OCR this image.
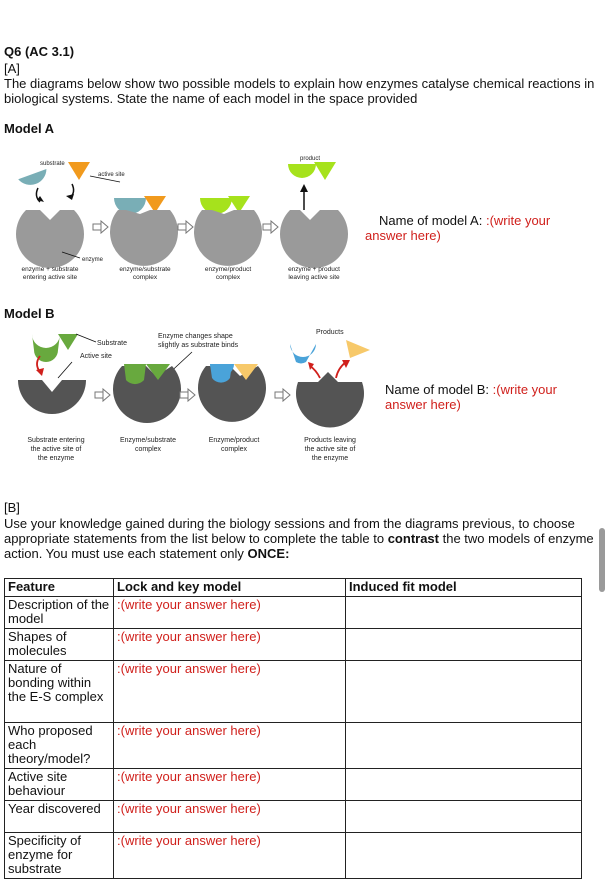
Q6 (AC 3.1)
[A]
The diagrams below show two possible models to explain how enzymes catalyse chemical reactions in biological systems. State the name of each model in the space provided
Model A
substrate
enzyme
enzyme + substrate
entering active site
active site
enzyme/substrate
complex
enzyme/product
complex
product
enzyme + product
leaving active site
Name of model A: :(write your answer here)
Model B
Substrate
Active site
Substrate entering
the active site of
the enzyme
Enzyme changes shape
slightly as substrate binds
Enzyme/substrate
complex
Enzyme/product
complex
Products
Products leaving
the active site of
the enzyme
Name of model B: :(write your answer here)
[B]
Use your knowledge gained during the biology sessions and from the diagrams previous, to choose appropriate statements from the list below to complete the table to contrast the two models of enzyme action. You must use each statement only ONCE:
Feature	Lock and key model	Induced fit model
Description of the model	:(write your answer here)	
Shapes of molecules	:(write your answer here)	
Nature of bonding within the E-S complex	:(write your answer here)	
Who proposed each theory/model?	:(write your answer here)	
Active site behaviour	:(write your answer here)	
Year discovered	:(write your answer here)	
Specificity of enzyme for substrate	:(write your answer here)	
